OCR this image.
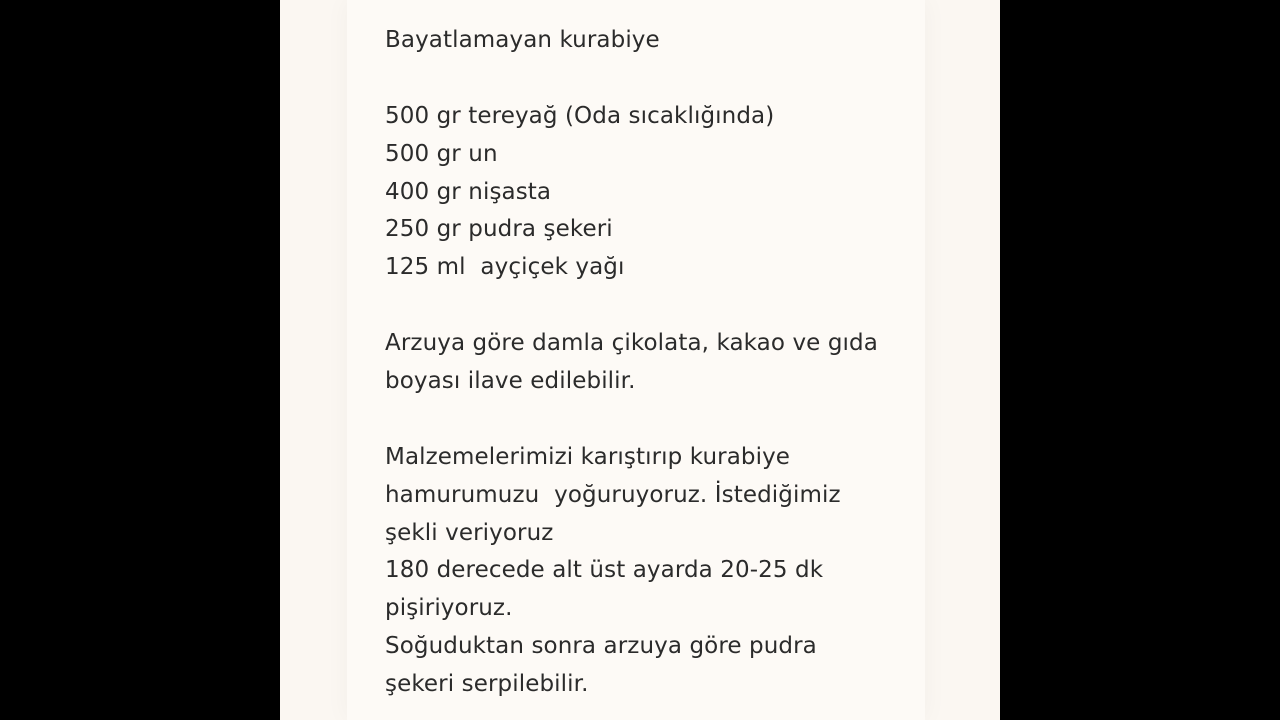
Bayatlamayan kurabiye
500 gr tereyağ (Oda sıcaklığında)
500 gr un
400 gr nişasta
250 gr pudra şekeri
125 ml  ayçiçek yağı
Arzuya göre damla çikolata, kakao ve gıda
boyası ilave edilebilir.
Malzemelerimizi karıştırıp kurabiye
hamurumuzu  yoğuruyoruz. İstediğimiz
şekli veriyoruz
180 derecede alt üst ayarda 20-25 dk
pişiriyoruz.
Soğuduktan sonra arzuya göre pudra
şekeri serpilebilir.
